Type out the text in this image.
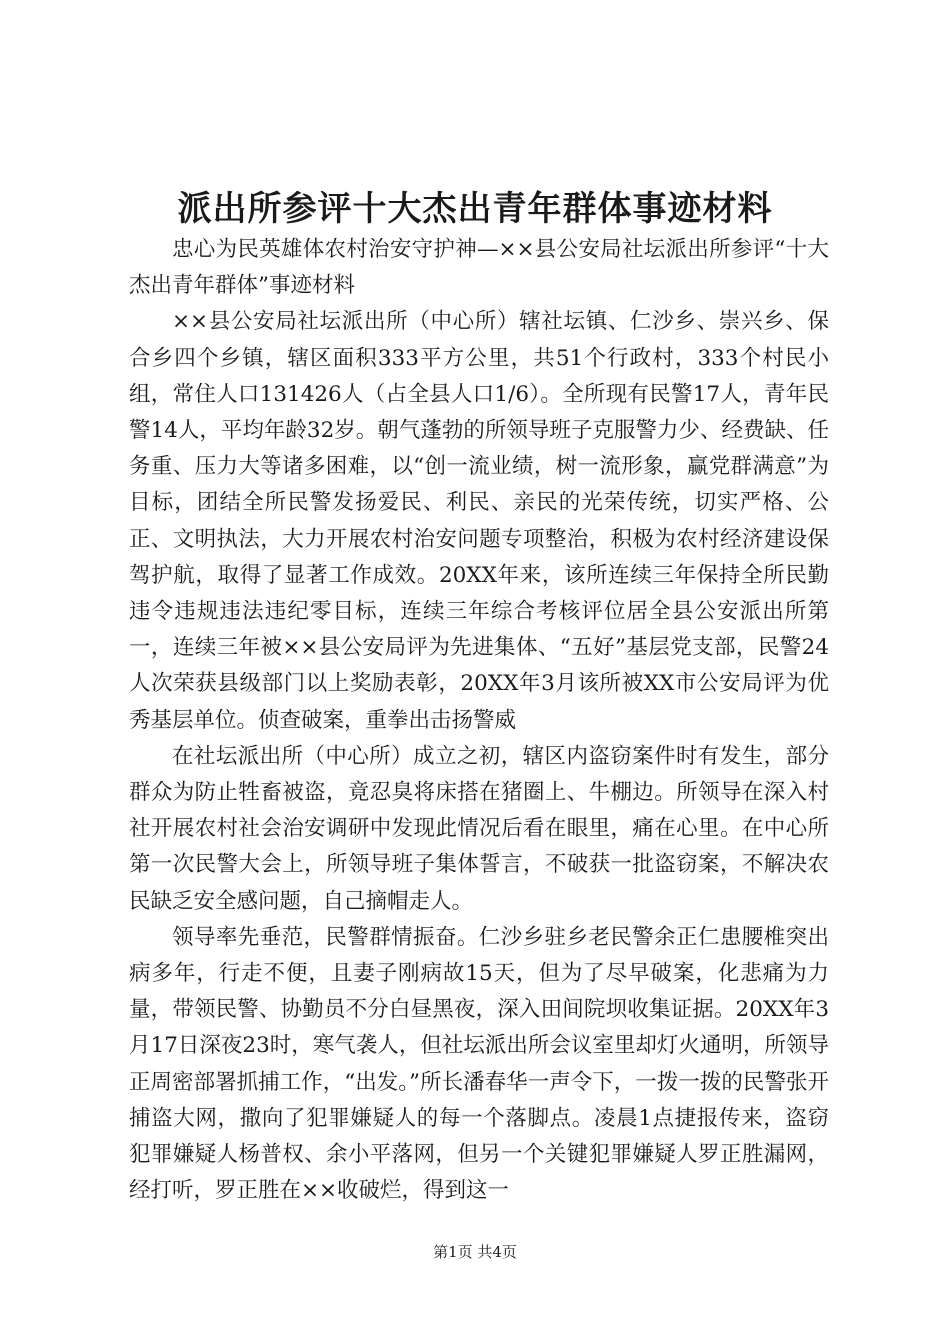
派出所参评十大杰出青年群体事迹材料

忠心为民英雄体农村治安守护神—××县公安局社坛派出所参评“十大杰出青年群体”事迹材料

××县公安局社坛派出所（中心所）辖社坛镇、仁沙乡、崇兴乡、保合乡四个乡镇，辖区面积333平方公里，共51个行政村，333个村民小组，常住人口131426人（占全县人口1/6）。全所现有民警17人，青年民警14人，平均年龄32岁。朝气蓬勃的所领导班子克服警力少、经费缺、任务重、压力大等诸多困难，以“创一流业绩，树一流形象，赢党群满意”为目标，团结全所民警发扬爱民、利民、亲民的光荣传统，切实严格、公正、文明执法，大力开展农村治安问题专项整治，积极为农村经济建设保驾护航，取得了显著工作成效。20XX年来，该所连续三年保持全所民勤违令违规违法违纪零目标，连续三年综合考核评位居全县公安派出所第一，连续三年被××县公安局评为先进集体、“五好”基层党支部，民警24人次荣获县级部门以上奖励表彰，20XX年3月该所被XX市公安局评为优秀基层单位。侦查破案，重拳出击扬警威

在社坛派出所（中心所）成立之初，辖区内盗窃案件时有发生，部分群众为防止牲畜被盗，竟忍臭将床搭在猪圈上、牛棚边。所领导在深入村社开展农村社会治安调研中发现此情况后看在眼里，痛在心里。在中心所第一次民警大会上，所领导班子集体誓言，不破获一批盗窃案，不解决农民缺乏安全感问题，自己摘帽走人。

领导率先垂范，民警群情振奋。仁沙乡驻乡老民警余正仁患腰椎突出病多年，行走不便，且妻子刚病故15天，但为了尽早破案，化悲痛为力量，带领民警、协勤员不分白昼黑夜，深入田间院坝收集证据。20XX年3月17日深夜23时，寒气袭人，但社坛派出所会议室里却灯火通明，所领导正周密部署抓捕工作，“出发。”所长潘春华一声令下，一拨一拨的民警张开捕盗大网，撒向了犯罪嫌疑人的每一个落脚点。凌晨1点捷报传来，盗窃犯罪嫌疑人杨普权、余小平落网，但另一个关键犯罪嫌疑人罗正胜漏网，经打听，罗正胜在××收破烂，得到这一

第1页 共4页
